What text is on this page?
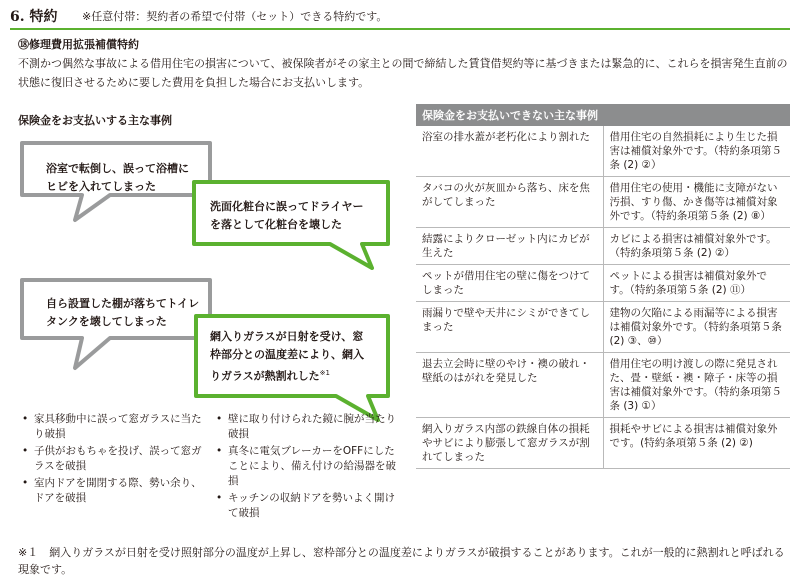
6. 特約 ※任意付帯：契約者の希望で付帯（セット）できる特約です。
⑱修理費用拡張補償特約
不測かつ偶然な事故による借用住宅の損害について、被保険者がその家主との間で締結した賃貸借契約等に基づきまたは緊急的に、これらを損害発生直前の状態に復旧させるために要した費用を負担した場合にお支払いします。
保険金をお支払いする主な事例
浴室で転倒し、誤って浴槽に
ヒビを入れてしまった
洗面化粧台に誤ってドライヤー
を落として化粧台を壊した
自ら設置した棚が落ちてトイレ
タンクを壊してしまった
網入りガラスが日射を受け、窓
枠部分との温度差により、網入
りガラスが熱割れした$^{※1}$
• 家具移動中に誤って窓ガラスに当たり破損
• 子供がおもちゃを投げ、誤って窓ガラスを破損
• 室内ドアを開閉する際、勢い余り、ドアを破損
• 壁に取り付けられた鏡に腕が当たり破損
• 真冬に電気ブレーカーをOFFにしたことにより、備え付けの給湯器を破損
• キッチンの収納ドアを勢いよく開けて破損
保険金をお支払いできない主な事例	
浴室の排水蓋が老朽化により割れた	借用住宅の自然損耗により生じた損害は補償対象外です。（特約条項第５条 (2) ②）
タバコの火が灰皿から落ち、床を焦がしてしまった	借用住宅の使用・機能に支障がない汚損、すり傷、かき傷等は補償対象外です。（特約条項第５条 (2) ⑧）
結露によりクローゼット内にカビが生えた	カビによる損害は補償対象外です。（特約条項第５条 (2) ②）
ペットが借用住宅の壁に傷をつけてしまった	ペットによる損害は補償対象外です。（特約条項第５条 (2) ⑪）
雨漏りで壁や天井にシミができてしまった	建物の欠陥による雨漏等による損害は補償対象外です。（特約条項第５条 (2) ③、⑩）
退去立会時に壁のやけ・襖の破れ・壁紙のはがれを発見した	借用住宅の明け渡しの際に発見された、畳・壁紙・襖・障子・床等の損害は補償対象外です。（特約条項第５条 (3) ①）
網入りガラス内部の鉄線自体の損耗やサビにより膨張して窓ガラスが割れてしまった	損耗やサビによる損害は補償対象外です。(特約条項第５条 (2) ②)
※１　網入りガラスが日射を受け照射部分の温度が上昇し、窓枠部分との温度差によりガラスが破損することがあります。これが一般的に熱割れと呼ばれる現象です。
